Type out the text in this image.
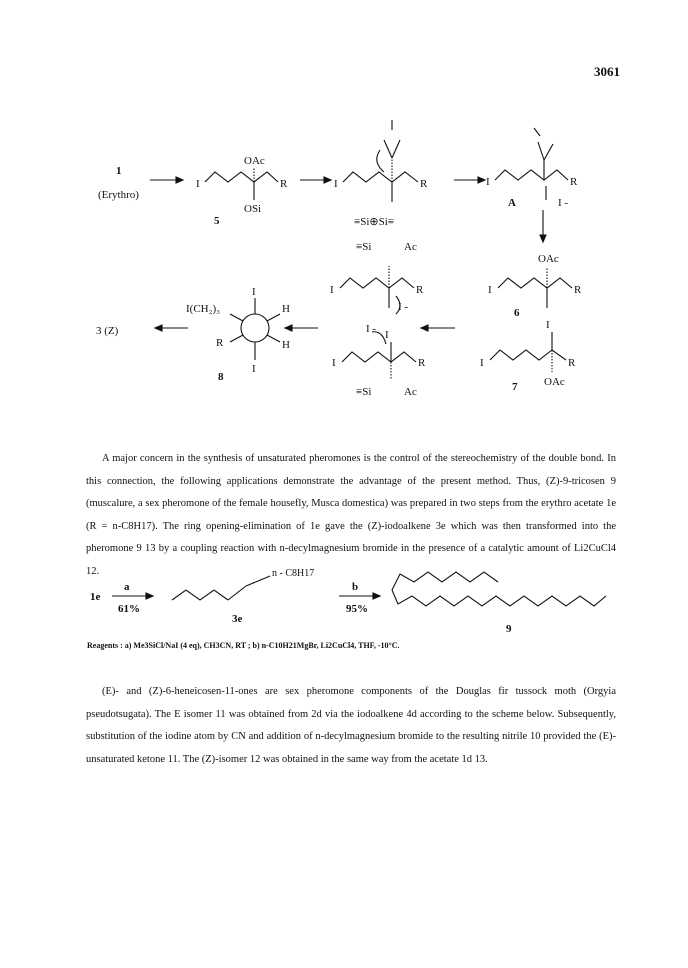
3061
1
(Erythro)
I
OAc
R
OSi
5
I	R
≡Si⊕Si≡
I	R
A	I -
OAc
I	R
6
I
I	R
OAc
7
≡Si	Ac
I	R
I -
I - I
I	R
≡Si	Ac
I
I
I(CH₂)₃	H
R	H
8
3 (Z)
A major concern in the synthesis of unsaturated pheromones is the control of the stereochemistry of the double bond. In this connection, the following applications demonstrate the advantage of the present method. Thus, (Z)-9-tricosen 9 (muscalure, a sex pheromone of the female housefly, Musca domestica) was prepared in two steps from the erythro acetate 1e (R = n-C8H17). The ring opening-elimination of 1e gave the (Z)-iodoalkene 3e which was then transformed into the pheromone 9 13 by a coupling reaction with n-decylmagnesium bromide in the presence of a catalytic amount of Li2CuCl4 12.
1e
a
61%
n - C8H17
3e
b
95%
9
Reagents : a) Me3SiCl/NaI (4 eq), CH3CN, RT ; b) n-C10H21MgBr, Li2CuCl4, THF, -10°C.
(E)- and (Z)-6-heneicosen-11-ones are sex pheromone components of the Douglas fir tussock moth (Orgyia pseudotsugata). The E isomer 11 was obtained from 2d via the iodoalkene 4d according to the scheme below. Subsequently, substitution of the iodine atom by CN and addition of n-decylmagnesium bromide to the resulting nitrile 10 provided the (E)- unsaturated ketone 11. The (Z)-isomer 12 was obtained in the same way from the acetate 1d 13.
